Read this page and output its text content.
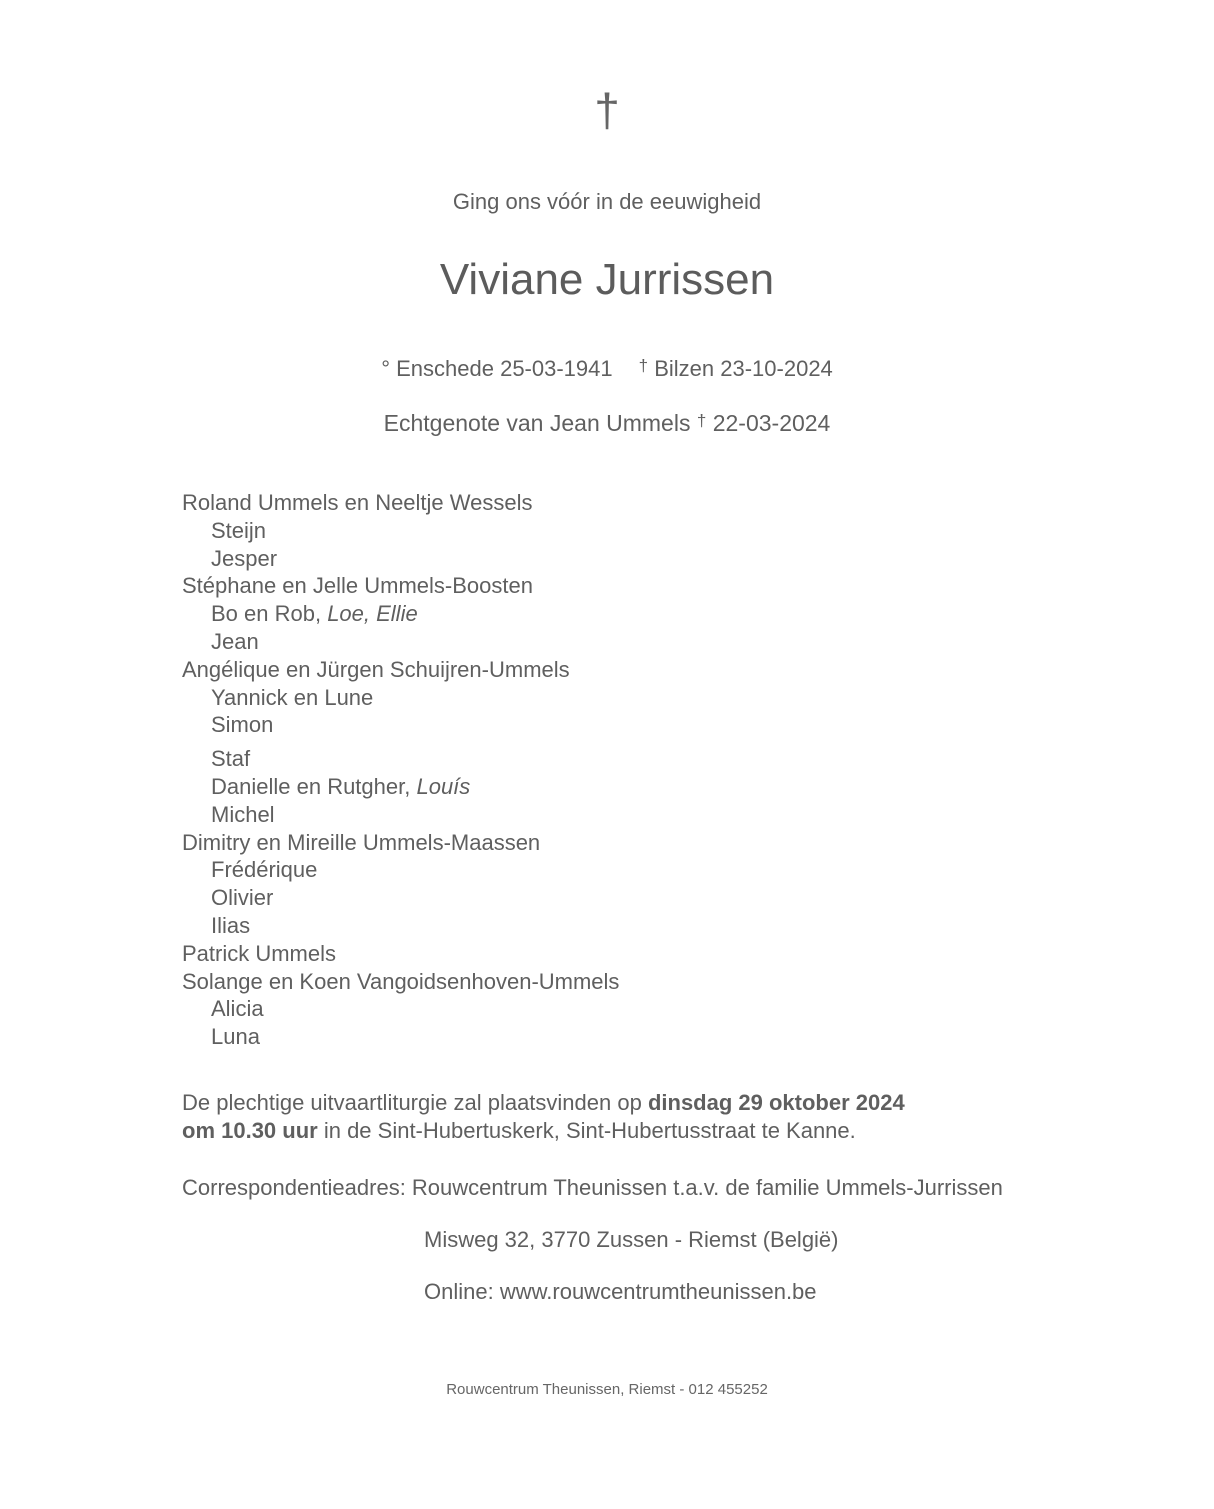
†
Ging ons vóór in de eeuwigheid
Viviane Jurrissen
° Enschede 25-03-1941 † Bilzen 23-10-2024
Echtgenote van Jean Ummels † 22-03-2024
Roland Ummels en Neeltje Wessels
Steijn
Jesper
Stéphane en Jelle Ummels-Boosten
Bo en Rob, Loe, Ellie
Jean
Angélique en Jürgen Schuijren-Ummels
Yannick en Lune
Simon
Staf
Danielle en Rutgher, Louís
Michel
Dimitry en Mireille Ummels-Maassen
Frédérique
Olivier
Ilias
Patrick Ummels
Solange en Koen Vangoidsenhoven-Ummels
Alicia
Luna
De plechtige uitvaartliturgie zal plaatsvinden op dinsdag 29 oktober 2024
om 10.30 uur in de Sint-Hubertuskerk, Sint-Hubertusstraat te Kanne.
Correspondentieadres: Rouwcentrum Theunissen t.a.v. de familie Ummels-Jurrissen
Misweg 32, 3770 Zussen - Riemst (België)
Online: www.rouwcentrumtheunissen.be
Rouwcentrum Theunissen, Riemst - 012 455252
